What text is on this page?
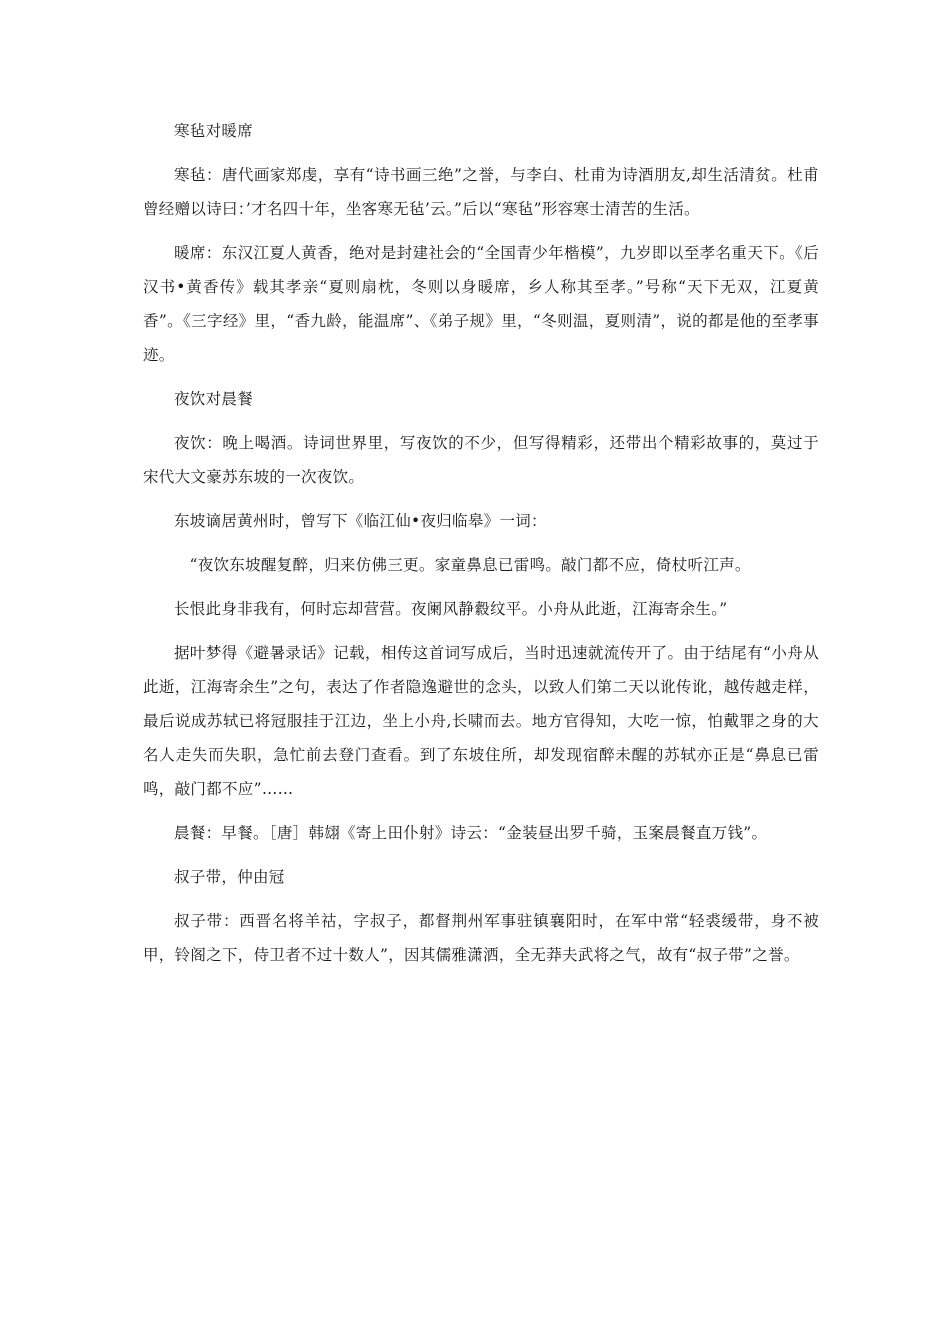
寒毡对暖席

寒毡：唐代画家郑虔，享有“诗书画三绝”之誉，与李白、杜甫为诗酒朋友,却生活清贫。杜甫曾经赠以诗曰：’才名四十年，坐客寒无毡’云。”后以“寒毡”形容寒士清苦的生活。

暖席：东汉江夏人黄香，绝对是封建社会的“全国青少年楷模”，九岁即以至孝名重天下。《后汉书•黄香传》载其孝亲“夏则扇枕，冬则以身暖席，乡人称其至孝。”号称“天下无双，江夏黄香”。《三字经》里，“香九龄，能温席”、《弟子规》里，“冬则温，夏则清”，说的都是他的至孝事迹。

夜饮对晨餐

夜饮：晚上喝酒。诗词世界里，写夜饮的不少，但写得精彩，还带出个精彩故事的，莫过于宋代大文豪苏东坡的一次夜饮。

东坡谪居黄州时，曾写下《临江仙•夜归临皋》一词：

“夜饮东坡醒复醉，归来仿佛三更。家童鼻息已雷鸣。敲门都不应，倚杖听江声。

长恨此身非我有，何时忘却营营。夜阑风静縠纹平。小舟从此逝，江海寄余生。”

据叶梦得《避暑录话》记载，相传这首词写成后，当时迅速就流传开了。由于结尾有“小舟从此逝，江海寄余生”之句，表达了作者隐逸避世的念头，以致人们第二天以讹传讹，越传越走样，最后说成苏轼已将冠服挂于江边，坐上小舟,长啸而去。地方官得知，大吃一惊，怕戴罪之身的大名人走失而失职，急忙前去登门查看。到了东坡住所，却发现宿醉未醒的苏轼亦正是“鼻息已雷鸣，敲门都不应”……

晨餐：早餐。［唐］韩翃《寄上田仆射》诗云：“金装昼出罗千骑，玉案晨餐直万钱”。

叔子带，仲由冠

叔子带：西晋名将羊祜，字叔子，都督荆州军事驻镇襄阳时，在军中常“轻裘缓带，身不被甲，铃阁之下，侍卫者不过十数人”，因其儒雅潇洒，全无莽夫武将之气，故有“叔子带”之誉。
